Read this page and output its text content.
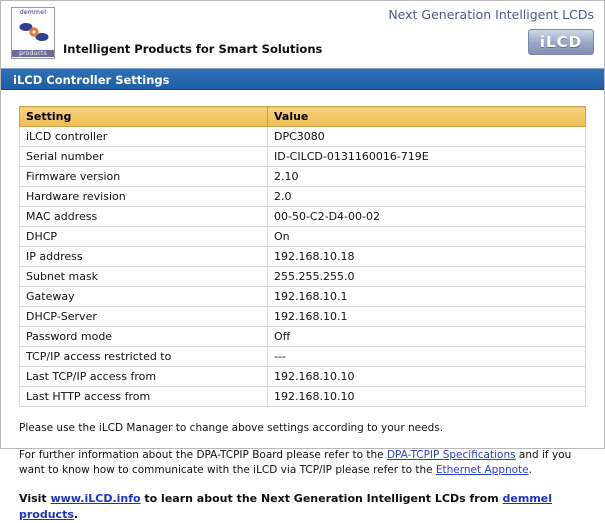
demmel
products	Intelligent Products for Smart Solutions
Next Generation Intelligent LCDs
iLCD
iLCD Controller Settings
Setting	Value
iLCD controller	DPC3080
Serial number	ID-CILCD-0131160016-719E
Firmware version	2.10
Hardware revision	2.0
MAC address	00-50-C2-D4-00-02
DHCP	On
IP address	192.168.10.18
Subnet mask	255.255.255.0
Gateway	192.168.10.1
DHCP-Server	192.168.10.1
Password mode	Off
TCP/IP access restricted to	---
Last TCP/IP access from	192.168.10.10
Last HTTP access from	192.168.10.10

Please use the iLCD Manager to change above settings according to your needs.

For further information about the DPA-TCPIP Board please refer to the DPA-TCPIP Specifications and if you want to know how to communicate with the iLCD via TCP/IP please refer to the Ethernet Appnote.

Visit www.iLCD.info to learn about the Next Generation Intelligent LCDs from demmel products.
